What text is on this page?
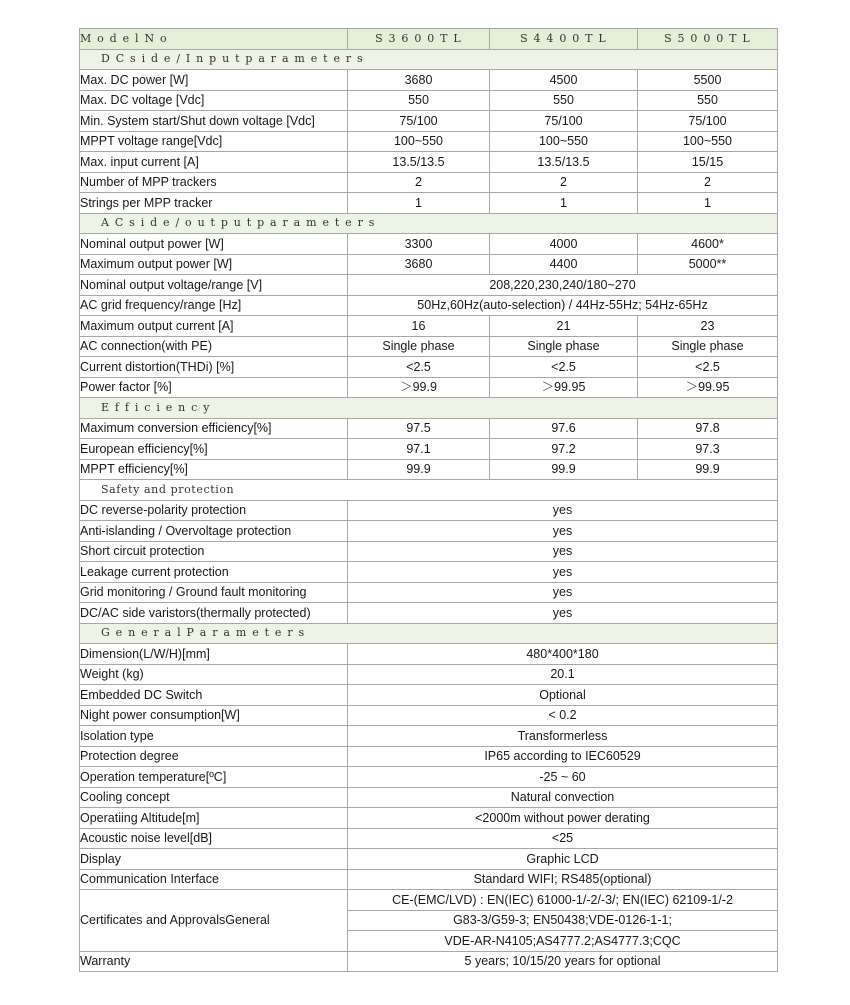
M o d e l N o	S 3 6 0 0 T L	S 4 4 0 0 T L	S 5 0 0 0 T L
D C s i d e / I n p u t p a r a m e t e r s			
Max. DC power [W]	3680	4500	5500
Max. DC voltage [Vdc]	550	550	550
Min. System start/Shut down voltage [Vdc]	75/100	75/100	75/100
MPPT voltage range[Vdc]	100~550	100~550	100~550
Max. input current [A]	13.5/13.5	13.5/13.5	15/15
Number of MPP trackers	2	2	2
Strings per MPP tracker	1	1	1
A C s i d e / o u t p u t p a r a m e t e r s			
Nominal output power [W]	3300	4000	4600*
Maximum output power [W]	3680	4400	5000**
Nominal output voltage/range [V]	208,220,230,240/180~270		
AC grid frequency/range [Hz]	50Hz,60Hz(auto-selection) / 44Hz-55Hz; 54Hz-65Hz		
Maximum output current [A]	16	21	23
AC connection(with PE)	Single phase	Single phase	Single phase
Current distortion(THDi) [%]	<2.5	<2.5	<2.5
Power factor [%]	＞99.9	＞99.95	＞99.95
E f f i c i e n c y			
Maximum conversion efficiency[%]	97.5	97.6	97.8
European efficiency[%]	97.1	97.2	97.3
MPPT efficiency[%]	99.9	99.9	99.9
Safety and protection			
DC reverse-polarity protection	yes		
Anti-islanding / Overvoltage protection	yes		
Short circuit protection	yes		
Leakage current protection	yes		
Grid monitoring / Ground fault monitoring	yes		
DC/AC side varistors(thermally protected)	yes		
G e n e r a l P a r a m e t e r s			
Dimension(L/W/H)[mm]	480*400*180		
Weight (kg)	20.1		
Embedded DC Switch	Optional		
Night power consumption[W]	< 0.2		
Isolation type	Transformerless		
Protection degree	IP65 according to IEC60529		
Operation temperature[ºC]	-25 ~ 60		
Cooling concept	Natural convection		
Operatiing Altitude[m]	<2000m without power derating		
Acoustic noise level[dB]	<25		
Display	Graphic LCD		
Communication Interface	Standard WIFI; RS485(optional)		
Certificates and ApprovalsGeneral	CE-(EMC/LVD) : EN(IEC) 61000-1/-2/-3/; EN(IEC) 62109-1/-2		
	G83-3/G59-3; EN50438;VDE-0126-1-1;		
	VDE-AR-N4105;AS4777.2;AS4777.3;CQC		
Warranty	5 years; 10/15/20 years for optional		
